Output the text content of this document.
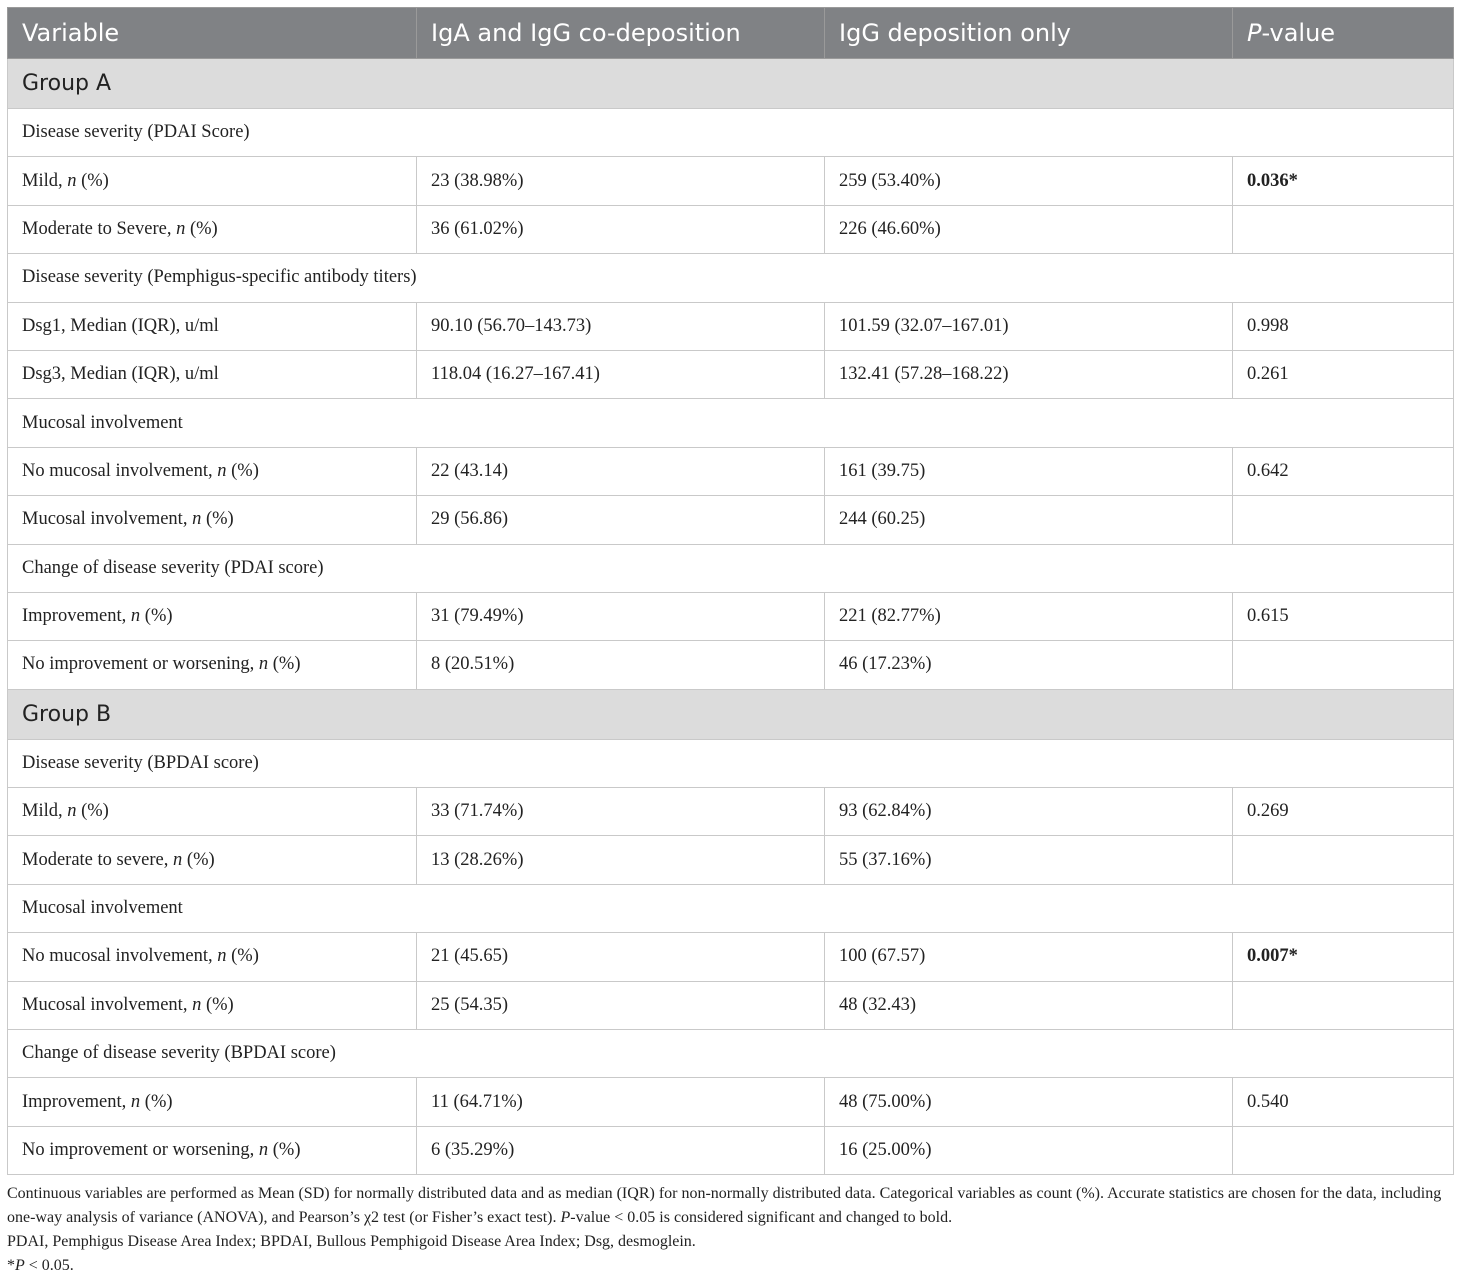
Variable	IgA and IgG co-deposition	IgG deposition only	P-value
Group A			
Disease severity (PDAI Score)			
Mild, n (%)	23 (38.98%)	259 (53.40%)	0.036*
Moderate to Severe, n (%)	36 (61.02%)	226 (46.60%)	
Disease severity (Pemphigus-specific antibody titers)			
Dsg1, Median (IQR), u/ml	90.10 (56.70–143.73)	101.59 (32.07–167.01)	0.998
Dsg3, Median (IQR), u/ml	118.04 (16.27–167.41)	132.41 (57.28–168.22)	0.261
Mucosal involvement			
No mucosal involvement, n (%)	22 (43.14)	161 (39.75)	0.642
Mucosal involvement, n (%)	29 (56.86)	244 (60.25)	
Change of disease severity (PDAI score)			
Improvement, n (%)	31 (79.49%)	221 (82.77%)	0.615
No improvement or worsening, n (%)	8 (20.51%)	46 (17.23%)	
Group B			
Disease severity (BPDAI score)			
Mild, n (%)	33 (71.74%)	93 (62.84%)	0.269
Moderate to severe, n (%)	13 (28.26%)	55 (37.16%)	
Mucosal involvement			
No mucosal involvement, n (%)	21 (45.65)	100 (67.57)	0.007*
Mucosal involvement, n (%)	25 (54.35)	48 (32.43)	
Change of disease severity (BPDAI score)			
Improvement, n (%)	11 (64.71%)	48 (75.00%)	0.540
No improvement or worsening, n (%)	6 (35.29%)	16 (25.00%)	

Continuous variables are performed as Mean (SD) for normally distributed data and as median (IQR) for non-normally distributed data. Categorical variables as count (%). Accurate statistics are chosen for the data, including one-way analysis of variance (ANOVA), and Pearson’s χ2 test (or Fisher’s exact test). P-value < 0.05 is considered significant and changed to bold.

PDAI, Pemphigus Disease Area Index; BPDAI, Bullous Pemphigoid Disease Area Index; Dsg, desmoglein.

*P < 0.05.
